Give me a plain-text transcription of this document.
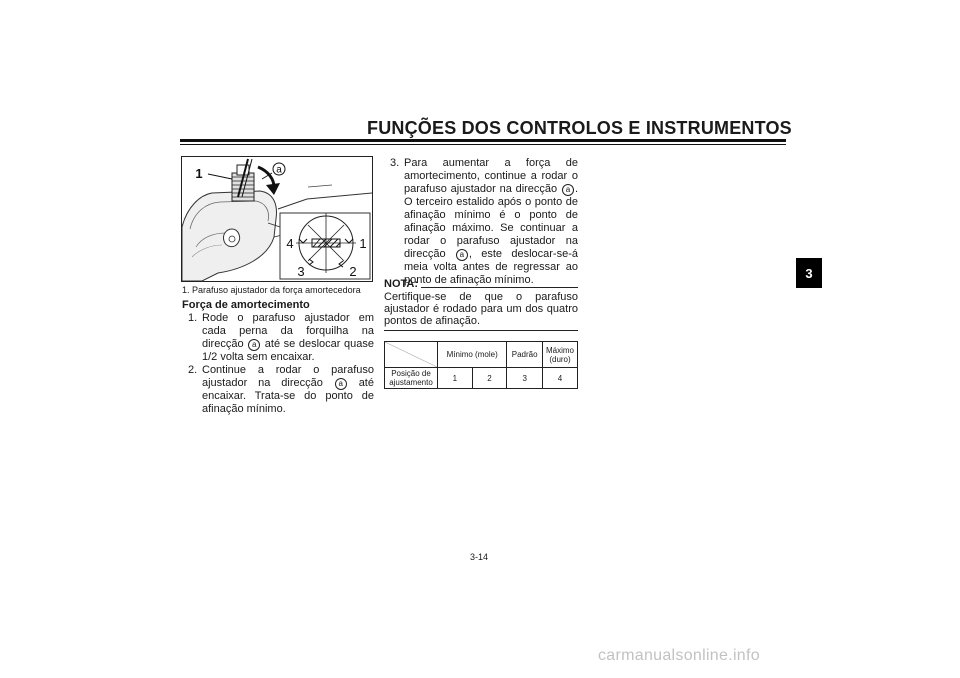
FUNÇÕES DOS CONTROLOS E INSTRUMENTOS
3
a
1
1
2
3
4
1. Parafuso ajustador da força amortecedora
Força de amortecimento
1. Rode o parafuso ajustador em cada perna da forquilha na direcção a até se deslocar quase 1/2 volta sem encaixar.
2. Continue a rodar o parafuso ajustador na direcção a até encaixar. Trata-se do ponto de afinação mínimo.
3. Para aumentar a força de amortecimento, continue a rodar o parafuso ajustador na direcção a . O terceiro estalido após o ponto de afinação mínimo é o ponto de afinação máximo. Se continuar a rodar o parafuso ajustador na direcção a , este deslocar-se-á meia volta antes de regressar ao ponto de afinação mínimo.
NOTA:
Certifique-se de que o parafuso ajustador é rodado para um dos quatro pontos de afinação.
	Mínimo (mole)		Padrão	Máximo (duro)
Posição de ajustamento	1	2	3	4
3-14
carmanualsonline.info
